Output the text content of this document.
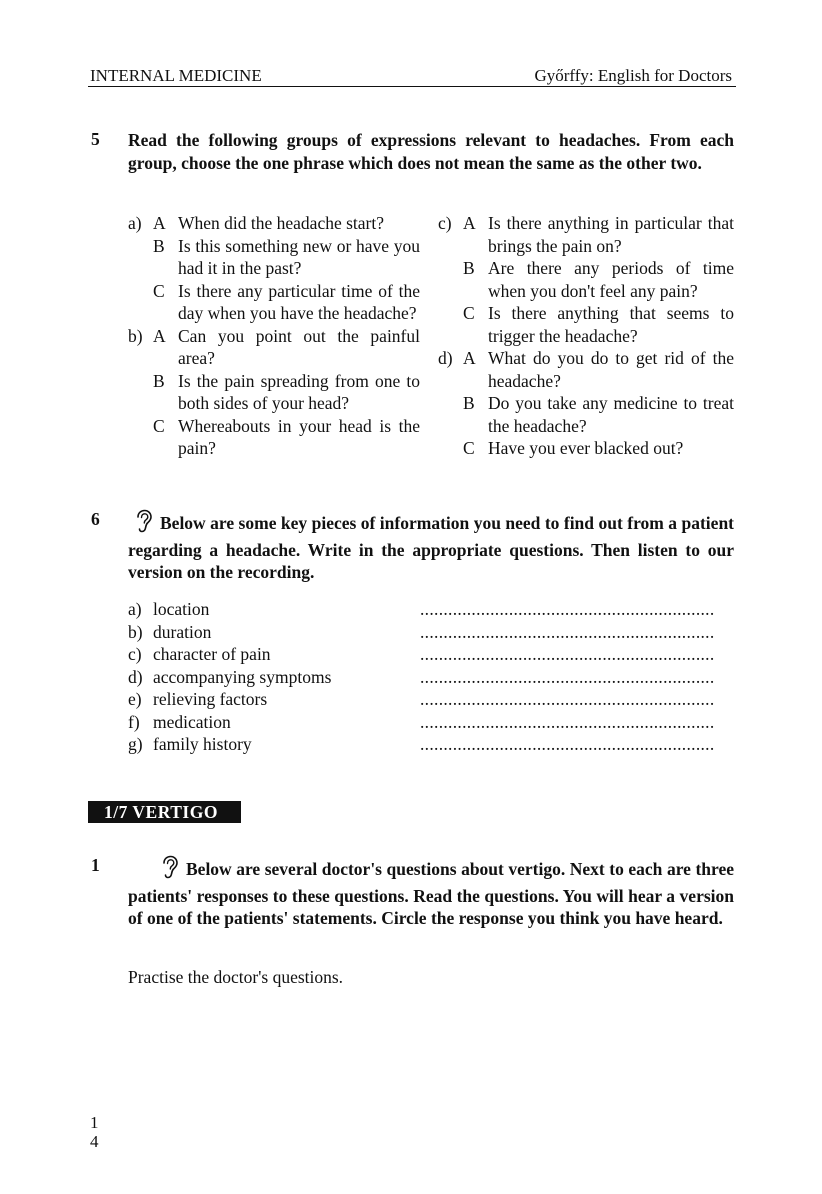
INTERNAL MEDICINE	Győrffy: English for Doctors
5 Read the following groups of expressions relevant to headaches. From each group, choose the one phrase which does not mean the same as the other two.
a) A When did the headache start?
B Is this something new or have you had it in the past?
C Is there any particular time of the day when you have the headache?
b) A Can you point out the painful area?
B Is the pain spreading from one to both sides of your head?
C Whereabouts in your head is the pain?
c) A Is there anything in particular that brings the pain on?
B Are there any periods of time when you don't feel any pain?
C Is there anything that seems to trigger the headache?
d) A What do you do to get rid of the headache?
B Do you take any medicine to treat the headache?
C Have you ever blacked out?
6	Below are some key pieces of information you need to find out from a patient regarding a headache. Write in the appropriate questions. Then listen to our version on the recording.
a) location	...............................................................
b) duration	...............................................................
c) character of pain	...............................................................
d) accompanying symptoms	...............................................................
e) relieving factors	...............................................................
f) medication	...............................................................
g) family history	...............................................................
1/7 VERTIGO
1	Below are several doctor's questions about vertigo. Next to each are three patients' responses to these questions. Read the questions. You will hear a version of one of the patients' statements. Circle the response you think you have heard.
Practise the doctor's questions.
1
4
